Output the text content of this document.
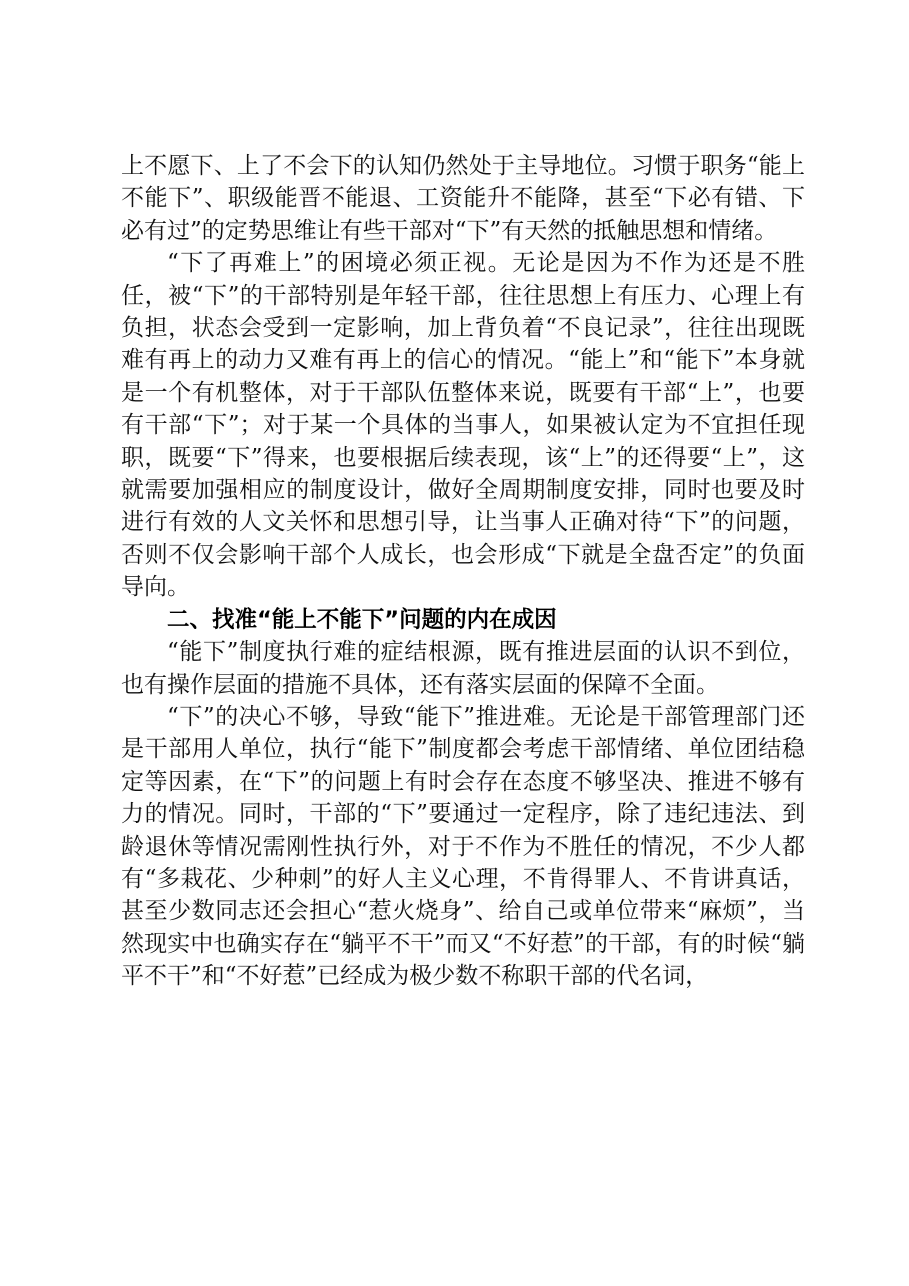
上不愿下、上了不会下的认知仍然处于主导地位。习惯于职务“能上不能下”、职级能晋不能退、工资能升不能降，甚至“下必有错、下必有过”的定势思维让有些干部对“下”有天然的抵触思想和情绪。

“下了再难上”的困境必须正视。无论是因为不作为还是不胜任，被“下”的干部特别是年轻干部，往往思想上有压力、心理上有负担，状态会受到一定影响，加上背负着“不良记录”，往往出现既难有再上的动力又难有再上的信心的情况。“能上”和“能下”本身就是一个有机整体，对于干部队伍整体来说，既要有干部“上”，也要有干部“下”；对于某一个具体的当事人，如果被认定为不宜担任现职，既要“下”得来，也要根据后续表现，该“上”的还得要“上”，这就需要加强相应的制度设计，做好全周期制度安排，同时也要及时进行有效的人文关怀和思想引导，让当事人正确对待“下”的问题，否则不仅会影响干部个人成长，也会形成“下就是全盘否定”的负面导向。

二、找准“能上不能下”问题的内在成因

“能下”制度执行难的症结根源，既有推进层面的认识不到位，也有操作层面的措施不具体，还有落实层面的保障不全面。

“下”的决心不够，导致“能下”推进难。无论是干部管理部门还是干部用人单位，执行“能下”制度都会考虑干部情绪、单位团结稳定等因素，在“下”的问题上有时会存在态度不够坚决、推进不够有力的情况。同时，干部的“下”要通过一定程序，除了违纪违法、到龄退休等情况需刚性执行外，对于不作为不胜任的情况，不少人都有“多栽花、少种刺”的好人主义心理，不肯得罪人、不肯讲真话，甚至少数同志还会担心“惹火烧身”、给自己或单位带来“麻烦”，当然现实中也确实存在“躺平不干”而又“不好惹”的干部，有的时候“躺平不干”和“不好惹”已经成为极少数不称职干部的代名词，
